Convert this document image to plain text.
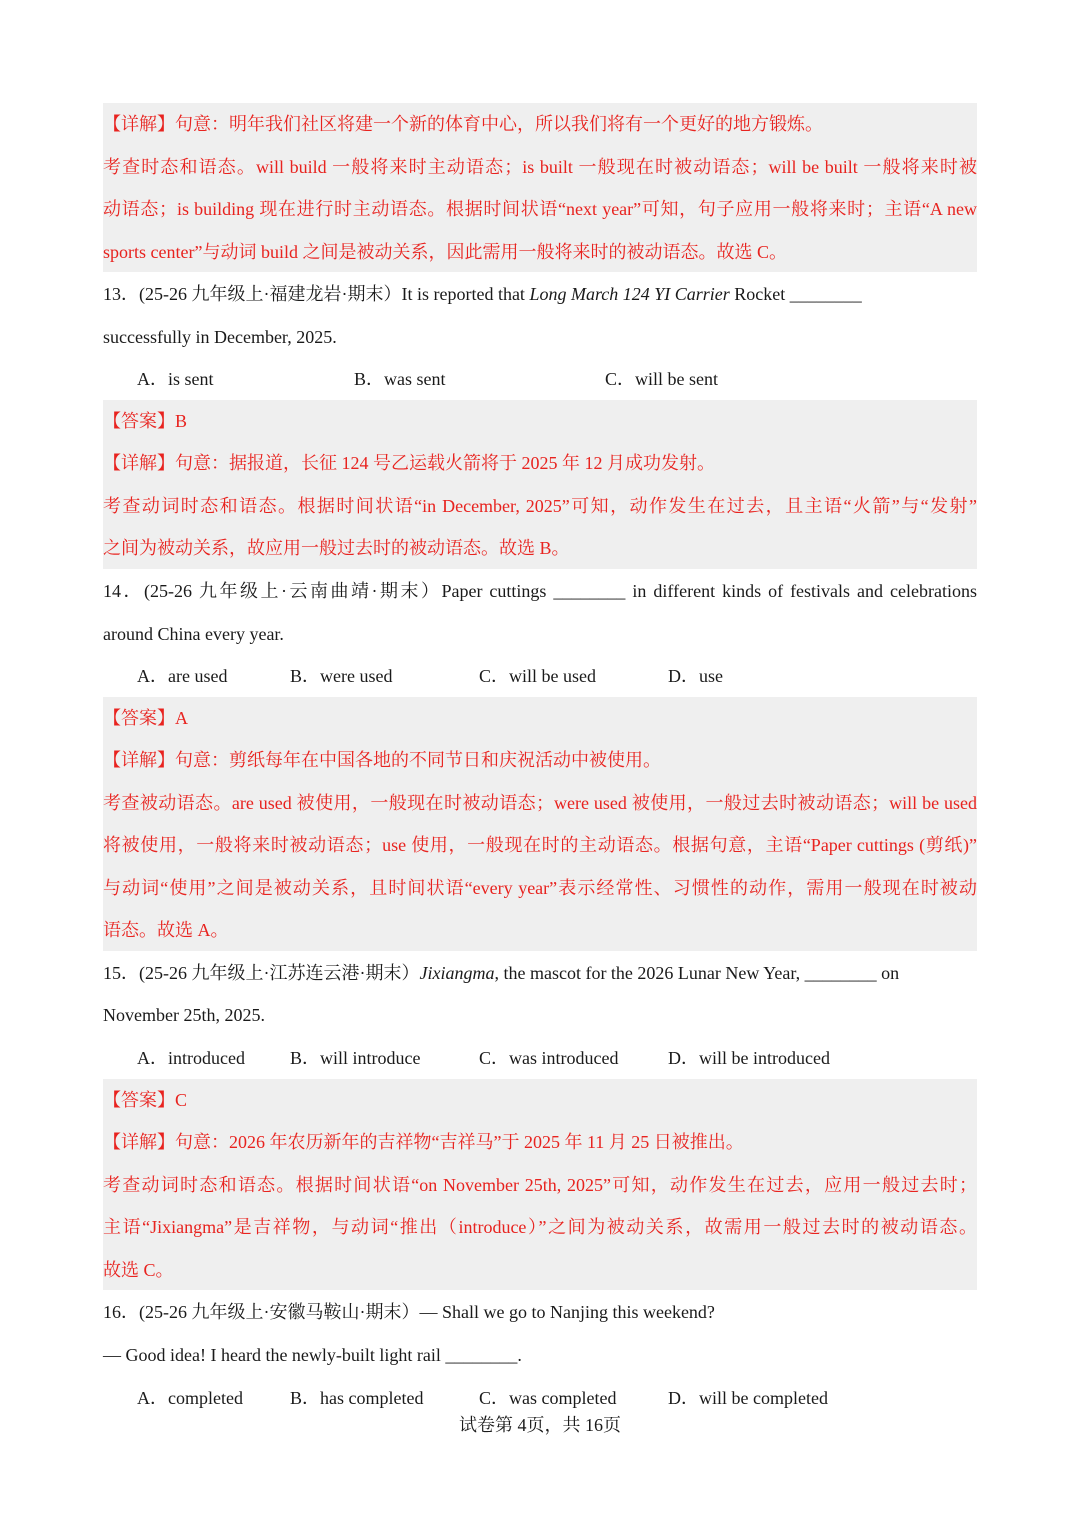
【详解】句意：明年我们社区将建一个新的体育中心，所以我们将有一个更好的地方锻炼。
考查时态和语态。will build 一般将来时主动语态；is built 一般现在时被动语态；will be built 一般将来时被
动语态；is building 现在进行时主动语态。根据时间状语“next year”可知，句子应用一般将来时；主语“A new
sports center”与动词 build 之间是被动关系，因此需用一般将来时的被动语态。故选 C。
13．(25-26 九年级上·福建龙岩·期末）It is reported that Long March 124 YI Carrier Rocket ________
successfully in December, 2025.
A．is sent	B．was sent	C．will be sent
【答案】B
【详解】句意：据报道，长征 124 号乙运载火箭将于 2025 年 12 月成功发射。
考查动词时态和语态。根据时间状语“in December, 2025”可知，动作发生在过去，且主语“火箭”与“发射”
之间为被动关系，故应用一般过去时的被动语态。故选 B。
14．(25-26 九年级上·云南曲靖·期末）Paper cuttings ________ in different kinds of festivals and celebrations
around China every year.
A．are used	B．were used	C．will be used	D．use
【答案】A
【详解】句意：剪纸每年在中国各地的不同节日和庆祝活动中被使用。
考查被动语态。are used 被使用，一般现在时被动语态；were used 被使用，一般过去时被动语态；will be used
将被使用，一般将来时被动语态；use 使用，一般现在时的主动语态。根据句意，主语“Paper cuttings (剪纸)”
与动词“使用”之间是被动关系，且时间状语“every year”表示经常性、习惯性的动作，需用一般现在时被动
语态。故选 A。
15．(25-26 九年级上·江苏连云港·期末）Jixiangma, the mascot for the 2026 Lunar New Year, ________ on
November 25th, 2025.
A．introduced	B．will introduce	C．was introduced	D．will be introduced
【答案】C
【详解】句意：2026 年农历新年的吉祥物“吉祥马”于 2025 年 11 月 25 日被推出。
考查动词时态和语态。根据时间状语“on November 25th, 2025”可知，动作发生在过去，应用一般过去时；
主语“Jixiangma”是吉祥物，与动词“推出（introduce）”之间为被动关系，故需用一般过去时的被动语态。
故选 C。
16．(25-26 九年级上·安徽马鞍山·期末）— Shall we go to Nanjing this weekend?
— Good idea! I heard the newly-built light rail ________.
A．completed	B．has completed	C．was completed	D．will be completed
试卷第 4页，共 16页
